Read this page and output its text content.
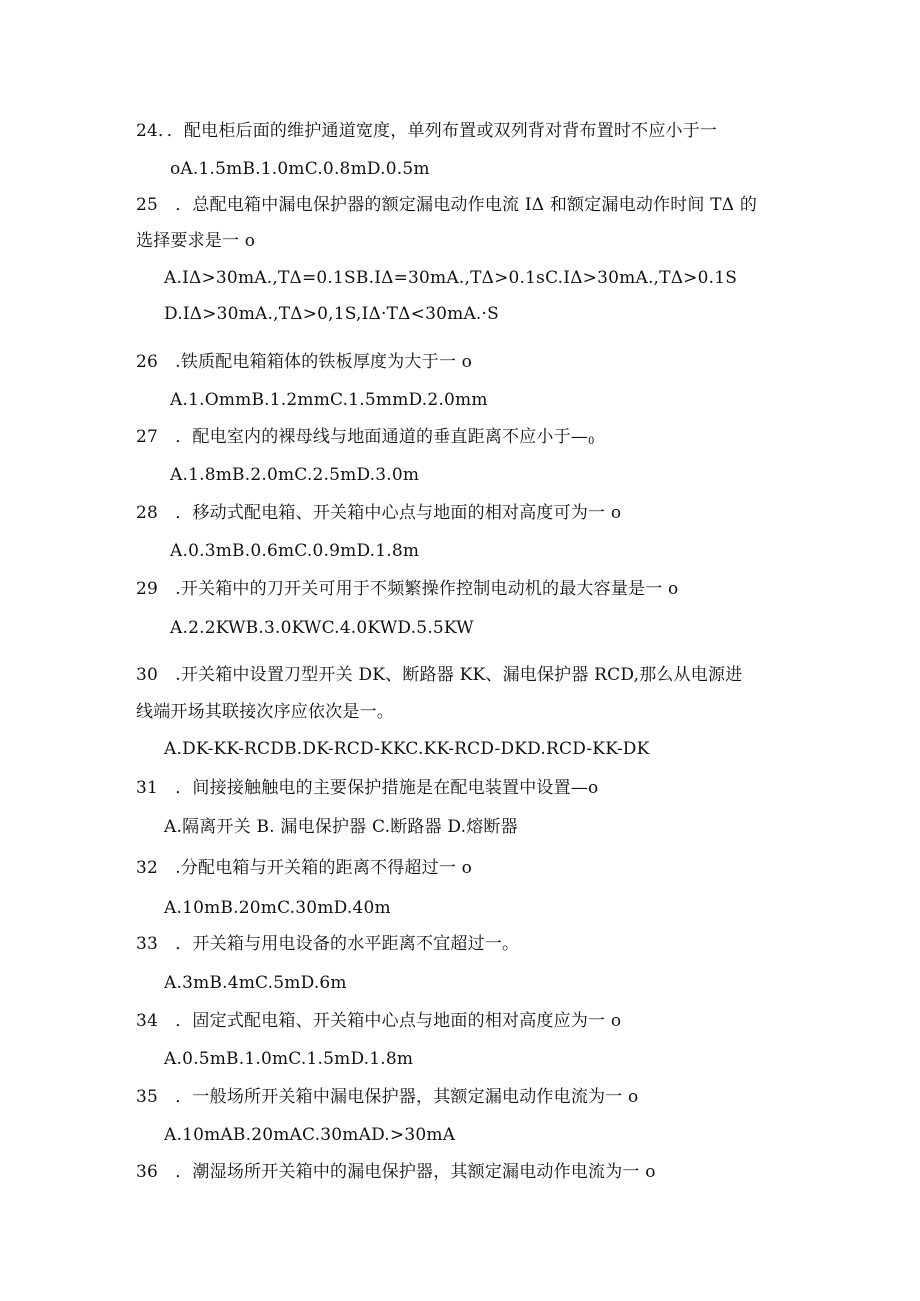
24．．配电柜后面的维护通道宽度，单列布置或双列背对背布置时不应小于一
oA.1.5mB.1.0mC.0.8mD.0.5m
25　．总配电箱中漏电保护器的额定漏电动作电流 IΔ 和额定漏电动作时间 TΔ 的
选择要求是一 o
A.IΔ>30mA.,TΔ=0.1SB.IΔ=30mA.,TΔ>0.1sC.IΔ>30mA.,TΔ>0.1S
D.IΔ>30mA.,TΔ>0,1S,IΔ·TΔ<30mA.·S
26　.铁质配电箱箱体的铁板厚度为大于一 o
A.1.OmmB.1.2mmC.1.5mmD.2.0mm
27　．配电室内的裸母线与地面通道的垂直距离不应小于$—_0$
A.1.8mB.2.0mC.2.5mD.3.0m
28　．移动式配电箱、开关箱中心点与地面的相对高度可为一 o
A.0.3mB.0.6mC.0.9mD.1.8m
29　.开关箱中的刀开关可用于不频繁操作控制电动机的最大容量是一 o
A.2.2KWB.3.0KWC.4.0KWD.5.5KW
30　.开关箱中设置刀型开关 DK、断路器 KK、漏电保护器 RCD,那么从电源进
线端开场其联接次序应依次是一。
A.DK-KK-RCDB.DK-RCD-KKC.KK-RCD-DKD.RCD-KK-DK
31　．间接接触触电的主要保护措施是在配电装置中设置—o
A.隔离开关 B. 漏电保护器 C.断路器 D.熔断器
32　.分配电箱与开关箱的距离不得超过一 o
A.10mB.20mC.30mD.40m
33　．开关箱与用电设备的水平距离不宜超过一。
A.3mB.4mC.5mD.6m
34　．固定式配电箱、开关箱中心点与地面的相对高度应为一 o
A.0.5mB.1.0mC.1.5mD.1.8m
35　．一般场所开关箱中漏电保护器，其额定漏电动作电流为一 o
A.10mAB.20mAC.30mAD.>30mA
36　．潮湿场所开关箱中的漏电保护器，其额定漏电动作电流为一 o
